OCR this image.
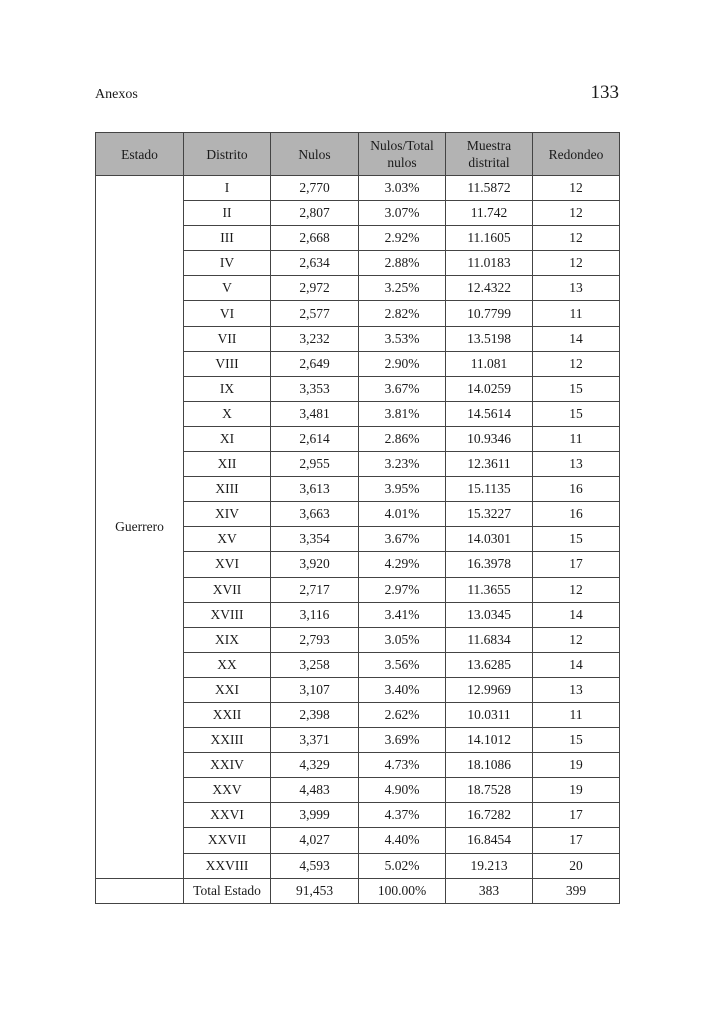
Anexos	133
Estado	Distrito	Nulos	Nulos/Total nulos	Muestra distrital	Redondeo
Guerrero	I	2,770	3.03%	11.5872	12
	II	2,807	3.07%	11.742	12
	III	2,668	2.92%	11.1605	12
	IV	2,634	2.88%	11.0183	12
	V	2,972	3.25%	12.4322	13
	VI	2,577	2.82%	10.7799	11
	VII	3,232	3.53%	13.5198	14
	VIII	2,649	2.90%	11.081	12
	IX	3,353	3.67%	14.0259	15
	X	3,481	3.81%	14.5614	15
	XI	2,614	2.86%	10.9346	11
	XII	2,955	3.23%	12.3611	13
	XIII	3,613	3.95%	15.1135	16
	XIV	3,663	4.01%	15.3227	16
	XV	3,354	3.67%	14.0301	15
	XVI	3,920	4.29%	16.3978	17
	XVII	2,717	2.97%	11.3655	12
	XVIII	3,116	3.41%	13.0345	14
	XIX	2,793	3.05%	11.6834	12
	XX	3,258	3.56%	13.6285	14
	XXI	3,107	3.40%	12.9969	13
	XXII	2,398	2.62%	10.0311	11
	XXIII	3,371	3.69%	14.1012	15
	XXIV	4,329	4.73%	18.1086	19
	XXV	4,483	4.90%	18.7528	19
	XXVI	3,999	4.37%	16.7282	17
	XXVII	4,027	4.40%	16.8454	17
	XXVIII	4,593	5.02%	19.213	20
	Total Estado	91,453	100.00%	383	399
